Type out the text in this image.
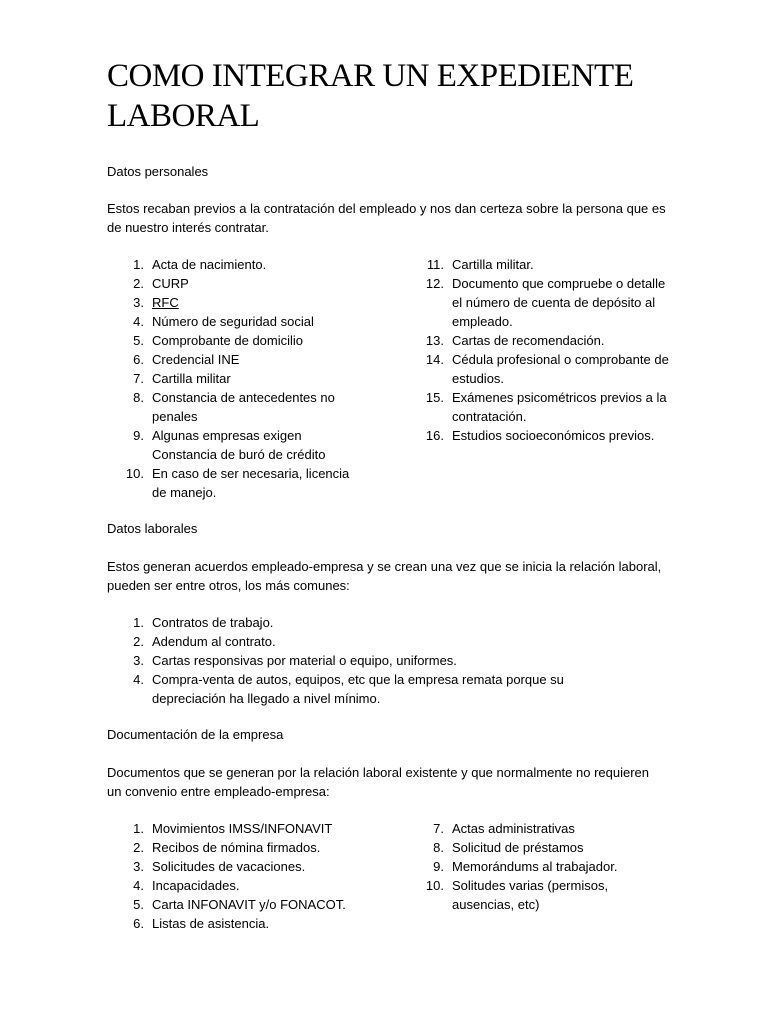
COMO INTEGRAR UN EXPEDIENTE LABORAL

Datos personales

Estos recaban previos a la contratación del empleado y nos dan certeza sobre la persona que es de nuestro interés contratar.

1. Acta de nacimiento.
2. CURP
3. RFC
4. Número de seguridad social
5. Comprobante de domicilio
6. Credencial INE
7. Cartilla militar
8. Constancia de antecedentes no penales
9. Algunas empresas exigen Constancia de buró de crédito
10. En caso de ser necesaria, licencia de manejo.
11. Cartilla militar.
12. Documento que compruebe o detalle el número de cuenta de depósito al empleado.
13. Cartas de recomendación.
14. Cédula profesional o comprobante de estudios.
15. Exámenes psicométricos previos a la contratación.
16. Estudios socioeconómicos previos.

Datos laborales

Estos generan acuerdos empleado-empresa y se crean una vez que se inicia la relación laboral, pueden ser entre otros, los más comunes:

1. Contratos de trabajo.
2. Adendum al contrato.
3. Cartas responsivas por material o equipo, uniformes.
4. Compra-venta de autos, equipos, etc que la empresa remata porque su depreciación ha llegado a nivel mínimo.

Documentación de la empresa

Documentos que se generan por la relación laboral existente y que normalmente no requieren un convenio entre empleado-empresa:

1. Movimientos IMSS/INFONAVIT
2. Recibos de nómina firmados.
3. Solicitudes de vacaciones.
4. Incapacidades.
5. Carta INFONAVIT y/o FONACOT.
6. Listas de asistencia.
7. Actas administrativas
8. Solicitud de préstamos
9. Memorándums al trabajador.
10. Solitudes varias (permisos, ausencias, etc)
